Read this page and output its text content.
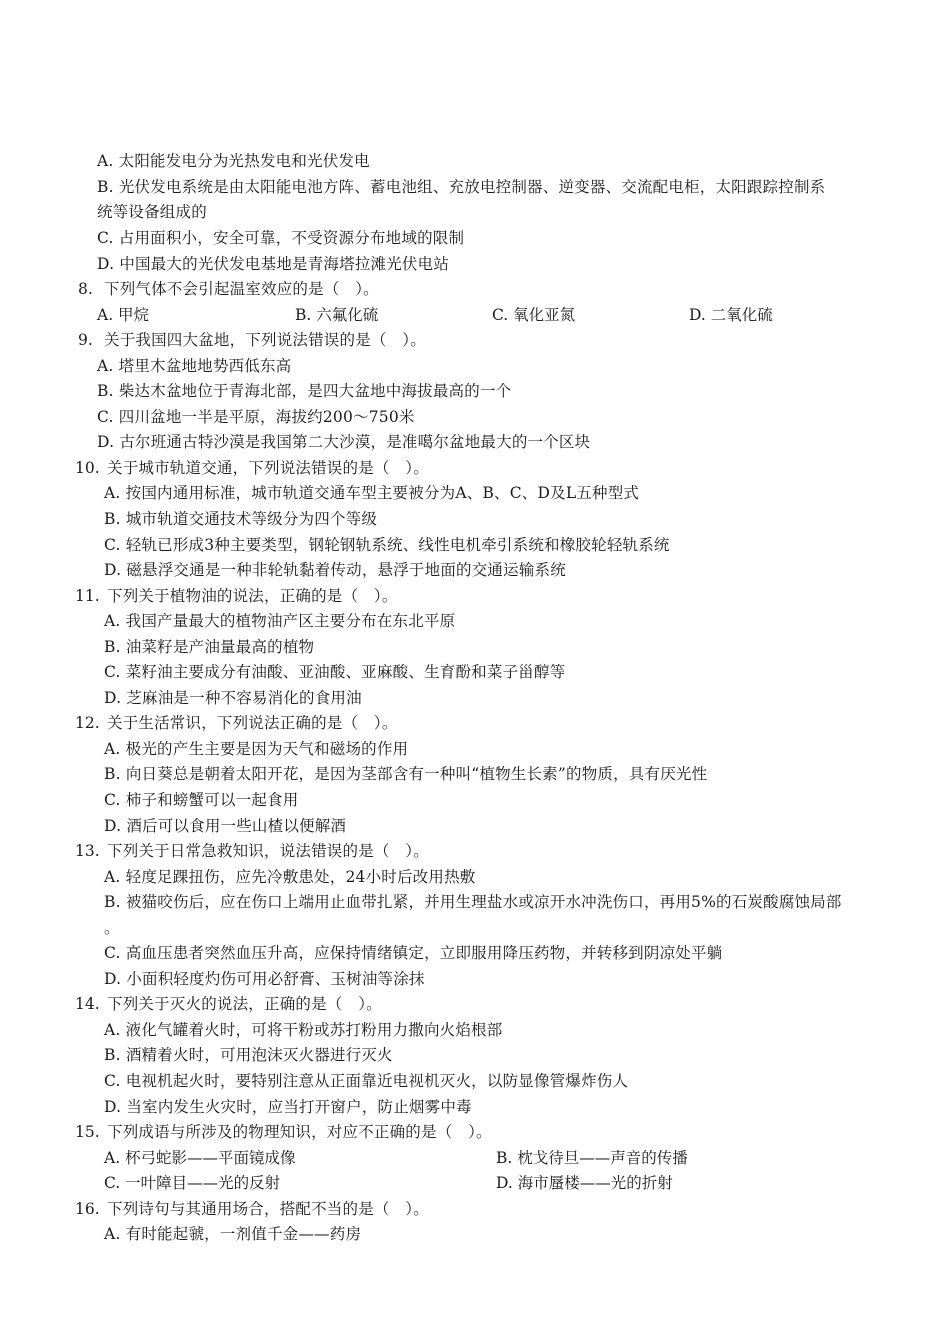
A. 太阳能发电分为光热发电和光伏发电
B. 光伏发电系统是由太阳能电池方阵、蓄电池组、充放电控制器、逆变器、交流配电柜，太阳跟踪控制系
统等设备组成的
C. 占用面积小，安全可靠，不受资源分布地域的限制
D. 中国最大的光伏发电基地是青海塔拉滩光伏电站
8. 下列气体不会引起温室效应的是（　）。
A. 甲烷	B. 六氟化硫	C. 氧化亚氮	D. 二氧化硫
9. 关于我国四大盆地，下列说法错误的是（　）。
A. 塔里木盆地地势西低东高
B. 柴达木盆地位于青海北部，是四大盆地中海拔最高的一个
C. 四川盆地一半是平原，海拔约200～750米
D. 古尔班通古特沙漠是我国第二大沙漠，是准噶尔盆地最大的一个区块
10. 关于城市轨道交通，下列说法错误的是（　）。
A. 按国内通用标准，城市轨道交通车型主要被分为A、B、C、D及L五种型式
B. 城市轨道交通技术等级分为四个等级
C. 轻轨已形成3种主要类型，钢轮钢轨系统、线性电机牵引系统和橡胶轮轻轨系统
D. 磁悬浮交通是一种非轮轨黏着传动，悬浮于地面的交通运输系统
11. 下列关于植物油的说法，正确的是（　）。
A. 我国产量最大的植物油产区主要分布在东北平原
B. 油菜籽是产油量最高的植物
C. 菜籽油主要成分有油酸、亚油酸、亚麻酸、生育酚和菜子甾醇等
D. 芝麻油是一种不容易消化的食用油
12. 关于生活常识，下列说法正确的是（　）。
A. 极光的产生主要是因为天气和磁场的作用
B. 向日葵总是朝着太阳开花，是因为茎部含有一种叫“植物生长素”的物质，具有厌光性
C. 柿子和螃蟹可以一起食用
D. 酒后可以食用一些山楂以便解酒
13. 下列关于日常急救知识，说法错误的是（　）。
A. 轻度足踝扭伤，应先冷敷患处，24小时后改用热敷
B. 被猫咬伤后，应在伤口上端用止血带扎紧，并用生理盐水或凉开水冲洗伤口，再用5%的石炭酸腐蚀局部
。
C. 高血压患者突然血压升高，应保持情绪镇定，立即服用降压药物，并转移到阴凉处平躺
D. 小面积轻度灼伤可用必舒膏、玉树油等涂抹
14. 下列关于灭火的说法，正确的是（　）。
A. 液化气罐着火时，可将干粉或苏打粉用力撒向火焰根部
B. 酒精着火时，可用泡沫灭火器进行灭火
C. 电视机起火时，要特别注意从正面靠近电视机灭火，以防显像管爆炸伤人
D. 当室内发生火灾时，应当打开窗户，防止烟雾中毒
15. 下列成语与所涉及的物理知识，对应不正确的是（　）。
A. 杯弓蛇影——平面镜成像	B. 枕戈待旦——声音的传播
C. 一叶障目——光的反射	D. 海市蜃楼——光的折射
16. 下列诗句与其通用场合，搭配不当的是（　）。
A. 有时能起虢，一剂值千金——药房
